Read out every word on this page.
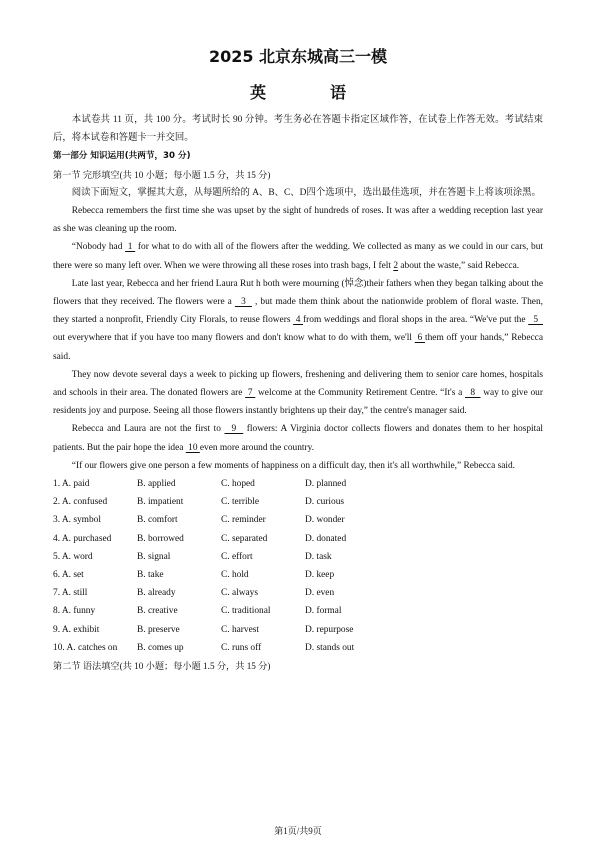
2025 北京东城高三一模
英　语

本试卷共 11 页，共 100 分。考试时长 90 分钟。考生务必在答题卡指定区域作答，在试卷上作答无效。考试结束后，将本试卷和答题卡一并交回。

第一部分 知识运用(共两节，30 分)

第一节 完形填空(共 10 小题；每小题 1.5 分，共 15 分)

阅读下面短文，掌握其大意，从每题所给的 A、B、C、D四个选项中，选出最佳选项，并在答题卡上将该项涂黑。

Rebecca remembers the first time she was upset by the sight of hundreds of roses. It was after a wedding reception last year as she was cleaning up the room.

“Nobody had  1  for what to do with all of the flowers after the wedding. We collected as many as we could in our cars, but there were so many left over. When we were throwing all these roses into trash bags, I felt 2 about the waste,” said Rebecca.

Late last year, Rebecca and her friend Laura Rut h both were mourning (悼念)their fathers when they began talking about the flowers that they received. The flowers were a   3   , but made them think about the nationwide problem of floral waste. Then, they started a nonprofit, Friendly City Florals, to reuse flowers  4 from weddings and floral shops in the area. “We've put the   5   out everywhere that if you have too many flowers and don't know what to do with them, we'll  6 them off your hands,” Rebecca said.

They now devote several days a week to picking up flowers, freshening and delivering them to senior care homes, hospitals and schools in their area. The donated flowers are  7  welcome at the Community Retirement Centre. “It's a   8   way to give our residents joy and purpose. Seeing all those flowers instantly brightens up their day,” the centre's manager said.

Rebecca and Laura are not the first to   9   flowers: A Virginia doctor collects flowers and donates them to her hospital patients. But the pair hope the idea  10 even more around the country.

“If our flowers give one person a few moments of happiness on a difficult day, then it's all worthwhile,” Rebecca said.

1. A. paid	B. applied	C. hoped	D. planned
2. A. confused	B. impatient	C. terrible	D. curious
3. A. symbol	B. comfort	C. reminder	D. wonder
4. A. purchased	B. borrowed	C. separated	D. donated
5. A. word	B. signal	C. effort	D. task
6. A. set	B. take	C. hold	D. keep
7. A. still	B. already	C. always	D. even
8. A. funny	B. creative	C. traditional	D. formal
9. A. exhibit	B. preserve	C. harvest	D. repurpose
10. A. catches on	B. comes up	C. runs off	D. stands out

第二节 语法填空(共 10 小题；每小题 1.5 分，共 15 分)

第1页/共9页
